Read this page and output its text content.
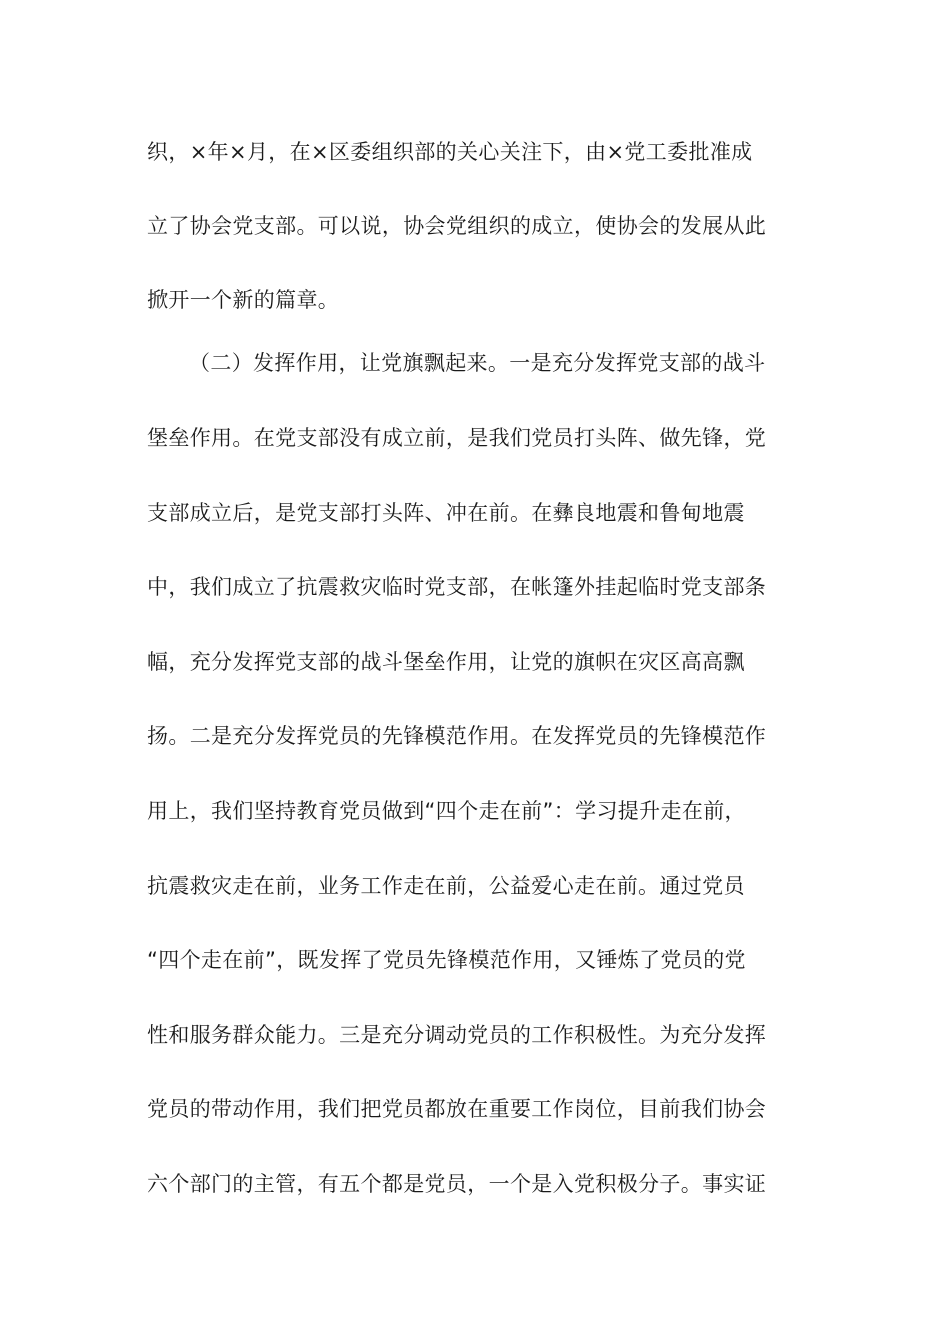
织，×年×月，在×区委组织部的关心关注下，由×党工委批准成
立了协会党支部。可以说，协会党组织的成立，使协会的发展从此
掀开一个新的篇章。
（二）发挥作用，让党旗飘起来。一是充分发挥党支部的战斗
堡垒作用。在党支部没有成立前，是我们党员打头阵、做先锋，党
支部成立后，是党支部打头阵、冲在前。在彝良地震和鲁甸地震
中，我们成立了抗震救灾临时党支部，在帐篷外挂起临时党支部条
幅，充分发挥党支部的战斗堡垒作用，让党的旗帜在灾区高高飘
扬。二是充分发挥党员的先锋模范作用。在发挥党员的先锋模范作
用上，我们坚持教育党员做到“四个走在前”：学习提升走在前，
抗震救灾走在前，业务工作走在前，公益爱心走在前。通过党员
“四个走在前”，既发挥了党员先锋模范作用，又锤炼了党员的党
性和服务群众能力。三是充分调动党员的工作积极性。为充分发挥
党员的带动作用，我们把党员都放在重要工作岗位，目前我们协会
六个部门的主管，有五个都是党员，一个是入党积极分子。事实证
